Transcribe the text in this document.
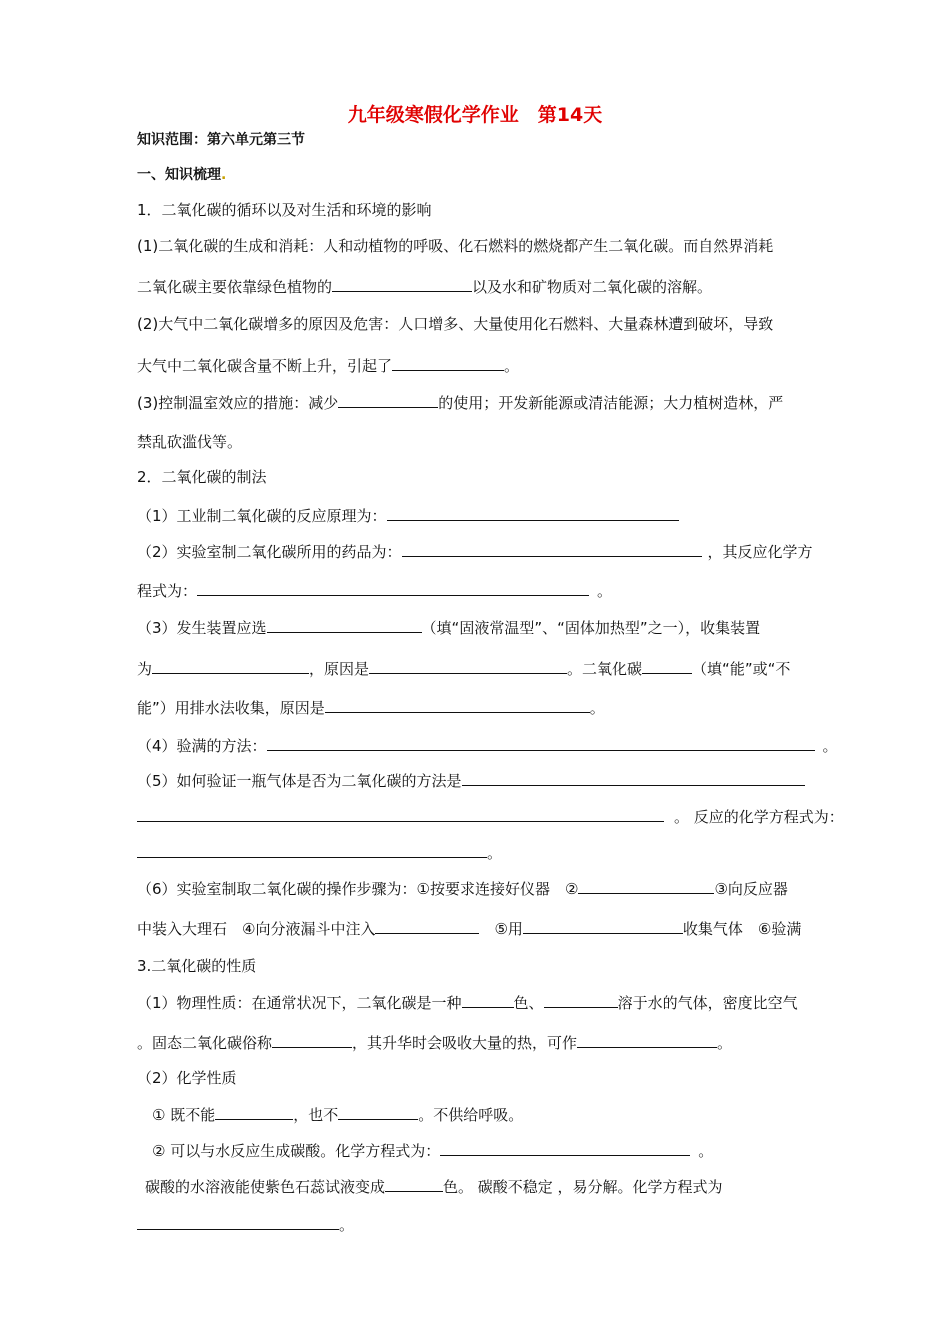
九年级寒假化学作业　第14天
知识范围：第六单元第三节
一、知识梳理.
1．二氧化碳的循环以及对生活和环境的影响
(1)二氧化碳的生成和消耗：人和动植物的呼吸、化石燃料的燃烧都产生二氧化碳。而自然界消耗
二氧化碳主要依靠绿色植物的	以及水和矿物质对二氧化碳的溶解。
(2)大气中二氧化碳增多的原因及危害：人口增多、大量使用化石燃料、大量森林遭到破坏，导致
大气中二氧化碳含量不断上升，引起了	。
(3)控制温室效应的措施：减少	的使用；开发新能源或清洁能源；大力植树造林，严
禁乱砍滥伐等。
2．二氧化碳的制法
（1）工业制二氧化碳的反应原理为：
（2）实验室制二氧化碳所用的药品为：	，其反应化学方
程式为：	。
（3）发生装置应选	（填“固液常温型”、“固体加热型”之一），收集装置
为	，原因是	。二氧化碳	（填“能”或“不
能”）用排水法收集，原因是	。
（4）验满的方法：	。
（5）如何验证一瓶气体是否为二氧化碳的方法是
。 反应的化学方程式为：
。
（6）实验室制取二氧化碳的操作步骤为：①按要求连接好仪器　②	③向反应器
中装入大理石　④向分液漏斗中注入	　⑤用	收集气体　⑥验满
3.二氧化碳的性质
（1）物理性质：在通常状况下，二氧化碳是一种	色、	溶于水的气体，密度比空气
。固态二氧化碳俗称	，其升华时会吸收大量的热，可作	。
（2）化学性质
① 既不能	，也不	。不供给呼吸。
② 可以与水反应生成碳酸。化学方程式为：	。
碳酸的水溶液能使紫色石蕊试液变成	色。 碳酸不稳定 ，易分解。化学方程式为
。
